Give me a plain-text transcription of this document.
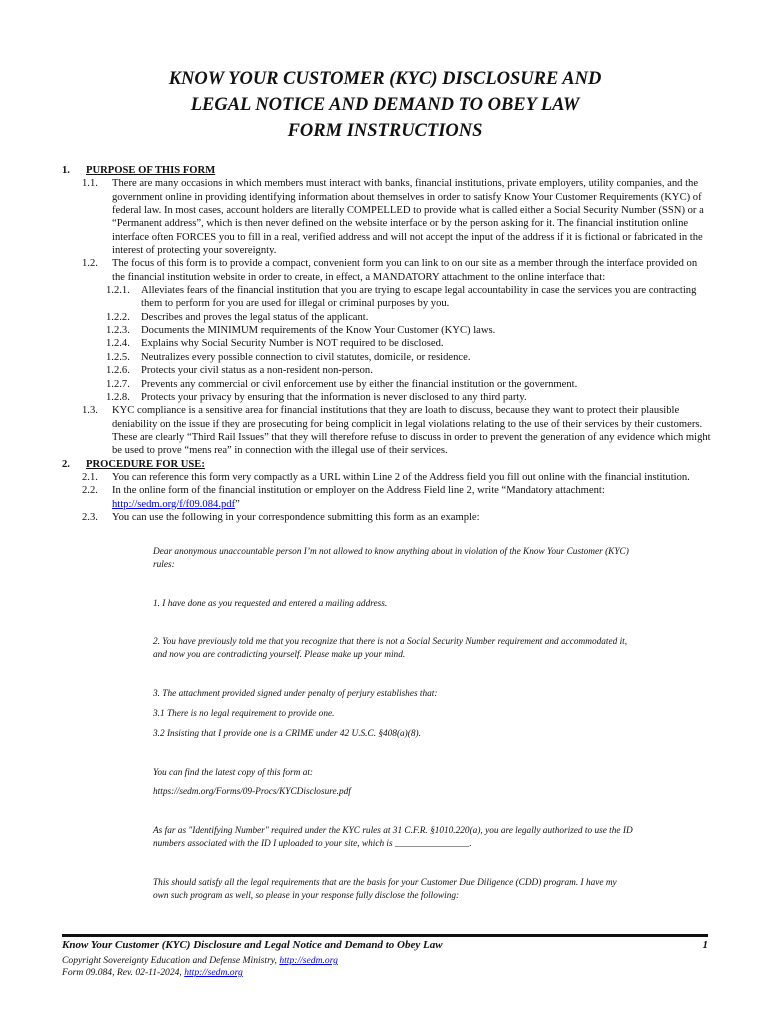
KNOW YOUR CUSTOMER (KYC) DISCLOSURE AND
LEGAL NOTICE AND DEMAND TO OBEY LAW
FORM INSTRUCTIONS
1.	PURPOSE OF THIS FORM
1.1.	There are many occasions in which members must interact with banks, financial institutions, private employers, utility companies, and the government online in providing identifying information about themselves in order to satisfy Know Your Customer Requirements (KYC) of federal law. In most cases, account holders are literally COMPELLED to provide what is called either a Social Security Number (SSN) or a “Permanent address”, which is then never defined on the website interface or by the person asking for it. The financial institution online interface often FORCES you to fill in a real, verified address and will not accept the input of the address if it is fictional or fabricated in the interest of protecting your sovereignty.
1.2.	The focus of this form is to provide a compact, convenient form you can link to on our site as a member through the interface provided on the financial institution website in order to create, in effect, a MANDATORY attachment to the online interface that:
1.2.1.	Alleviates fears of the financial institution that you are trying to escape legal accountability in case the services you are contracting them to perform for you are used for illegal or criminal purposes by you.
1.2.2.	Describes and proves the legal status of the applicant.
1.2.3.	Documents the MINIMUM requirements of the Know Your Customer (KYC) laws.
1.2.4.	Explains why Social Security Number is NOT required to be disclosed.
1.2.5.	Neutralizes every possible connection to civil statutes, domicile, or residence.
1.2.6.	Protects your civil status as a non-resident non-person.
1.2.7.	Prevents any commercial or civil enforcement use by either the financial institution or the government.
1.2.8.	Protects your privacy by ensuring that the information is never disclosed to any third party.
1.3.	KYC compliance is a sensitive area for financial institutions that they are loath to discuss, because they want to protect their plausible deniability on the issue if they are prosecuting for being complicit in legal violations relating to the use of their services by their customers. These are clearly “Third Rail Issues” that they will therefore refuse to discuss in order to prevent the generation of any evidence which might be used to prove “mens rea” in connection with the illegal use of their services.
2.	PROCEDURE FOR USE:
2.1.	You can reference this form very compactly as a URL within Line 2 of the Address field you fill out online with the financial institution.
2.2.	In the online form of the financial institution or employer on the Address Field line 2, write “Mandatory attachment: http://sedm.org/f/f09.084.pdf”
2.3.	You can use the following in your correspondence submitting this form as an example:
Dear anonymous unaccountable person I’m not allowed to know anything about in violation of the Know Your Customer (KYC) rules:
1. I have done as you requested and entered a mailing address.
2. You have previously told me that you recognize that there is not a Social Security Number requirement and accommodated it, and now you are contradicting yourself. Please make up your mind.
3. The attachment provided signed under penalty of perjury establishes that:
3.1 There is no legal requirement to provide one.
3.2 Insisting that I provide one is a CRIME under 42 U.S.C. §408(a)(8).
You can find the latest copy of this form at:
https://sedm.org/Forms/09-Procs/KYCDisclosure.pdf
As far as "Identifying Number" required under the KYC rules at 31 C.F.R. §1010.220(a), you are legally authorized to use the ID numbers associated with the ID I uploaded to your site, which is ________________.
This should satisfy all the legal requirements that are the basis for your Customer Due Diligence (CDD) program. I have my own such program as well, so please in your response fully disclose the following:
Know Your Customer (KYC) Disclosure and Legal Notice and Demand to Obey Law	1
Copyright Sovereignty Education and Defense Ministry, http://sedm.org
Form 09.084, Rev. 02-11-2024, http://sedm.org
